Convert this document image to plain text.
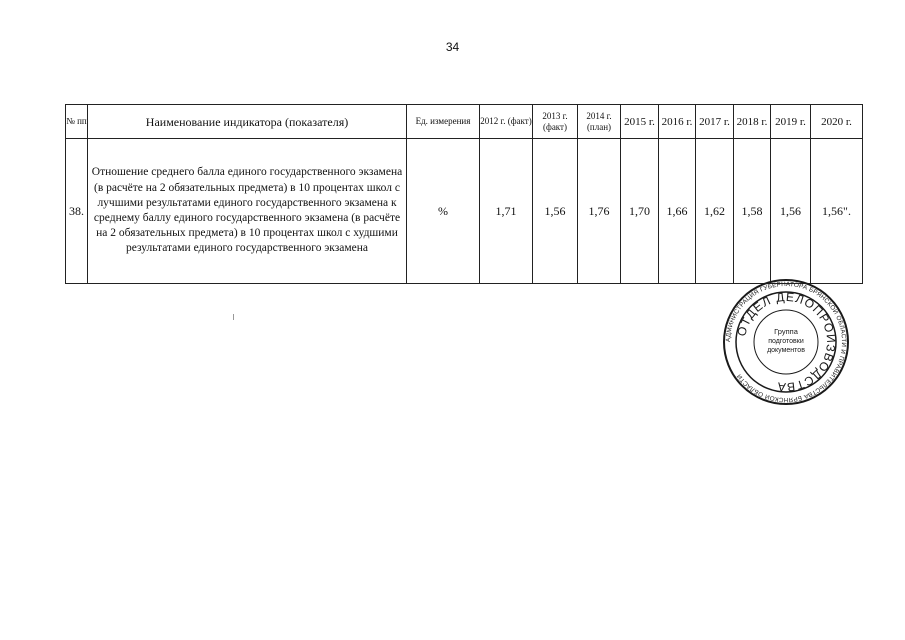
34
№ пп	Наименование индикатора (показателя)	Ед. измерения	2012 г. (факт)	2013 г. (факт)	2014 г. (план)	2015 г.	2016 г.	2017 г.	2018 г.	2019 г.	2020 г.
38.	Отношение среднего балла единого государственного экзамена (в расчёте на 2 обязательных предмета) в 10 процентах школ с лучшими результатами единого государственного экзамена к среднему баллу единого государственного экзамена (в расчёте на 2 обязательных предмета) в 10 процентах школ с худшими результатами единого государственного экзамена	%	1,71	1,56	1,76	1,70	1,66	1,62	1,58	1,56	1,56".
АДМИНИСТРАЦИЯ ГУБЕРНАТОРА БРЯНСКОЙ ОБЛАСТИ И ПРАВИТЕЛЬСТВА БРЯНСКОЙ ОБЛАСТИ
ОТДЕЛ ДЕЛОПРОИЗВОДСТВА
Группа
подготовки
документов
